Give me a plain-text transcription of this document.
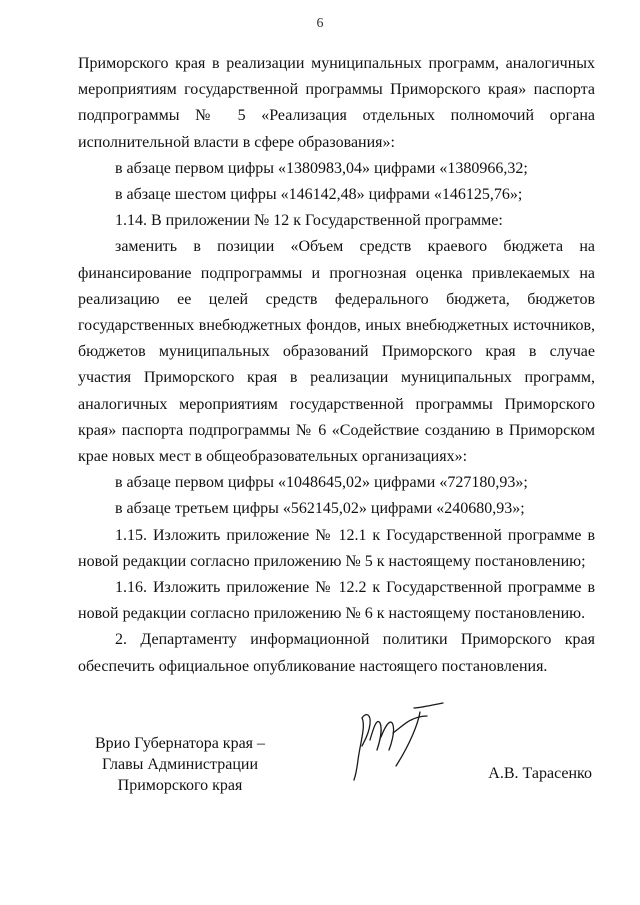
6

Приморского края в реализации муниципальных программ, аналогичных мероприятиям государственной программы Приморского края» паспорта подпрограммы № 5 «Реализация отдельных полномочий органа исполнительной власти в сфере образования»:

в абзаце первом цифры «1380983,04» цифрами «1380966,32;

в абзаце шестом цифры «146142,48» цифрами «146125,76»;

1.14. В приложении № 12 к Государственной программе:

заменить в позиции «Объем средств краевого бюджета на финансирование подпрограммы и прогнозная оценка привлекаемых на реализацию ее целей средств федерального бюджета, бюджетов государственных внебюджетных фондов, иных внебюджетных источников, бюджетов муниципальных образований Приморского края в случае участия Приморского края в реализации муниципальных программ, аналогичных мероприятиям государственной программы Приморского края» паспорта подпрограммы № 6 «Содействие созданию в Приморском крае новых мест в общеобразовательных организациях»:

в абзаце первом цифры «1048645,02» цифрами «727180,93»;

в абзаце третьем цифры «562145,02» цифрами «240680,93»;

1.15. Изложить приложение № 12.1 к Государственной программе в новой редакции согласно приложению № 5 к настоящему постановлению;

1.16. Изложить приложение № 12.2 к Государственной программе в новой редакции согласно приложению № 6 к настоящему постановлению.

2. Департаменту информационной политики Приморского края обеспечить официальное опубликование настоящего постановления.

Врио Губернатора края –
Главы Администрации
Приморского края
А.В. Тарасенко
